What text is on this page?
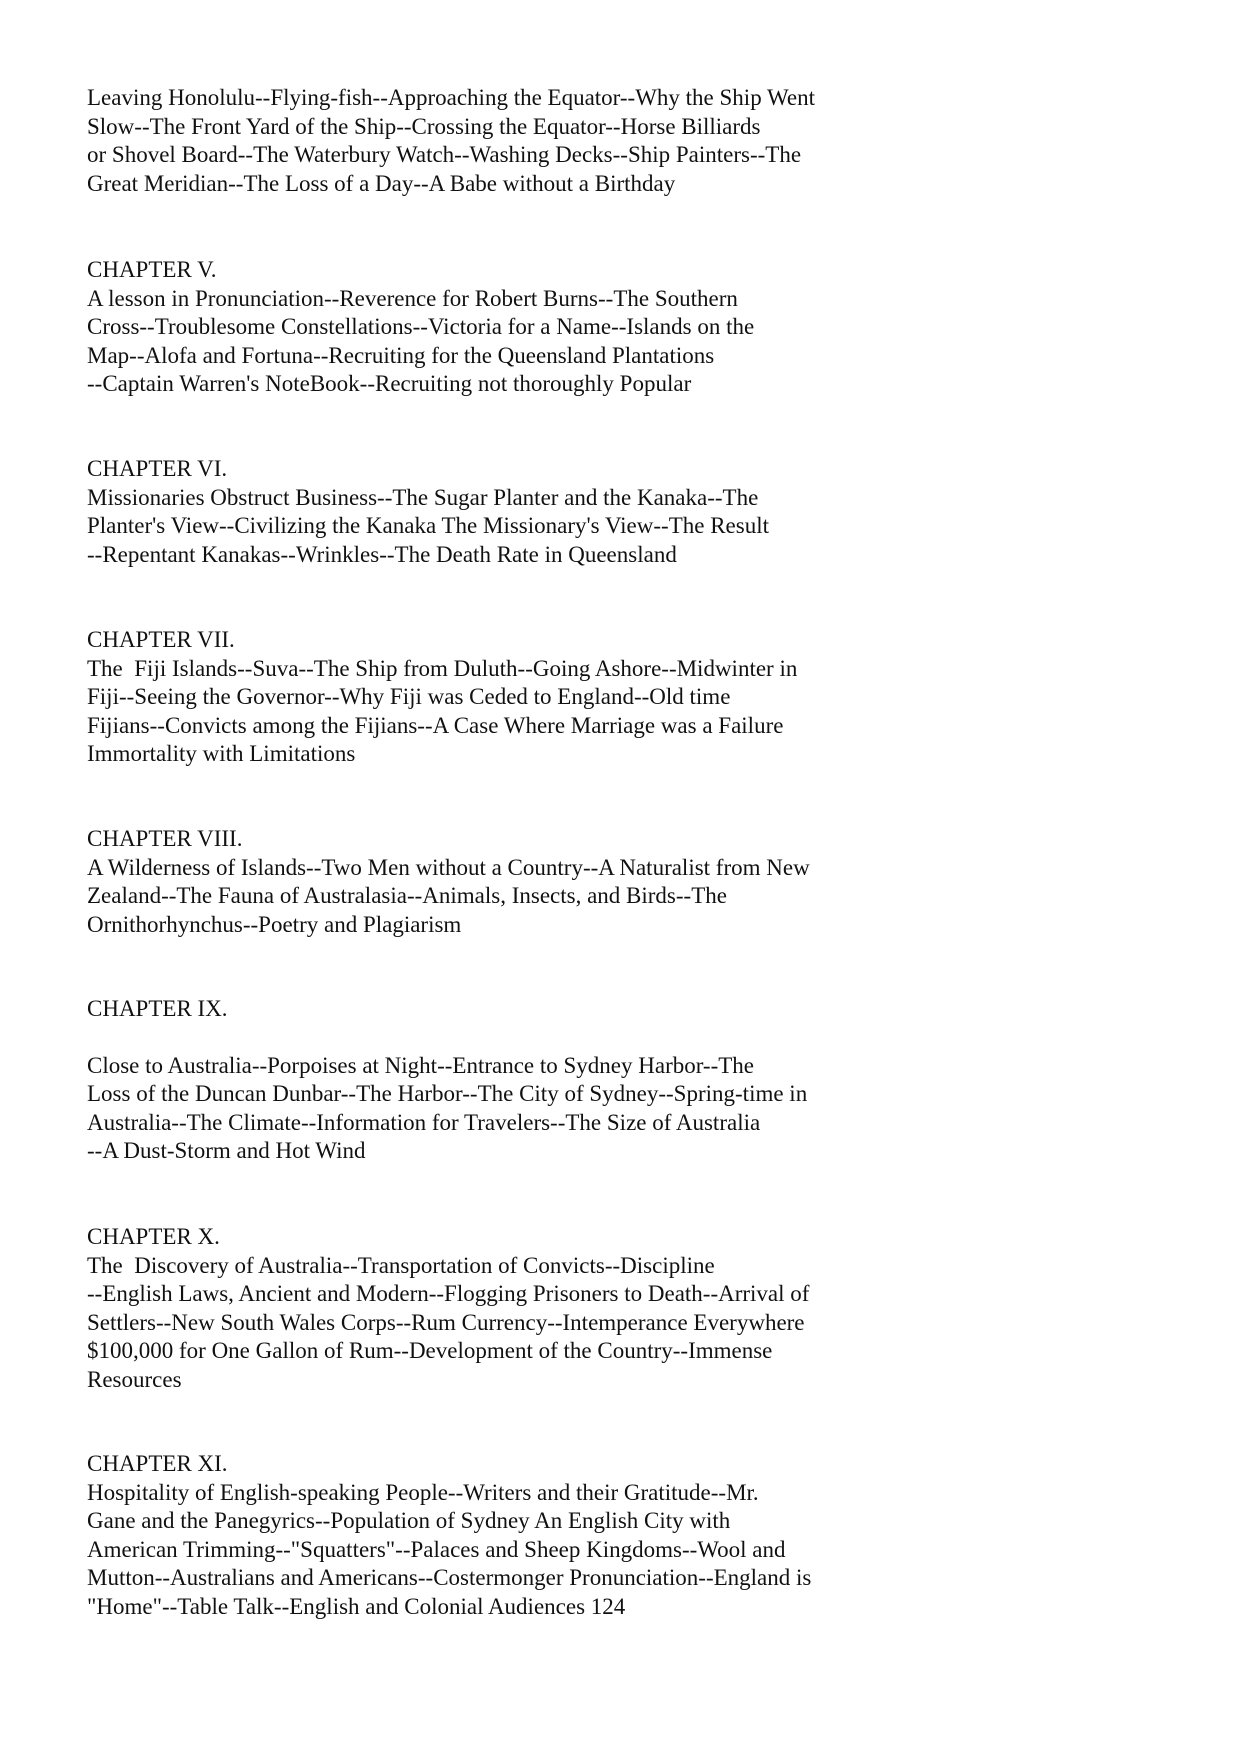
Leaving Honolulu--Flying-fish--Approaching the Equator--Why the Ship Went
Slow--The Front Yard of the Ship--Crossing the Equator--Horse Billiards
or Shovel Board--The Waterbury Watch--Washing Decks--Ship Painters--The
Great Meridian--The Loss of a Day--A Babe without a Birthday
CHAPTER V.
A lesson in Pronunciation--Reverence for Robert Burns--The Southern
Cross--Troublesome Constellations--Victoria for a Name--Islands on the
Map--Alofa and Fortuna--Recruiting for the Queensland Plantations
--Captain Warren's NoteBook--Recruiting not thoroughly Popular
CHAPTER VI.
Missionaries Obstruct Business--The Sugar Planter and the Kanaka--The
Planter's View--Civilizing the Kanaka The Missionary's View--The Result
--Repentant Kanakas--Wrinkles--The Death Rate in Queensland
CHAPTER VII.
The  Fiji Islands--Suva--The Ship from Duluth--Going Ashore--Midwinter in
Fiji--Seeing the Governor--Why Fiji was Ceded to England--Old time
Fijians--Convicts among the Fijians--A Case Where Marriage was a Failure
Immortality with Limitations
CHAPTER VIII.
A Wilderness of Islands--Two Men without a Country--A Naturalist from New
Zealand--The Fauna of Australasia--Animals, Insects, and Birds--The
Ornithorhynchus--Poetry and Plagiarism
CHAPTER IX.
Close to Australia--Porpoises at Night--Entrance to Sydney Harbor--The
Loss of the Duncan Dunbar--The Harbor--The City of Sydney--Spring-time in
Australia--The Climate--Information for Travelers--The Size of Australia
--A Dust-Storm and Hot Wind
CHAPTER X.
The  Discovery of Australia--Transportation of Convicts--Discipline
--English Laws, Ancient and Modern--Flogging Prisoners to Death--Arrival of
Settlers--New South Wales Corps--Rum Currency--Intemperance Everywhere
$100,000 for One Gallon of Rum--Development of the Country--Immense
Resources
CHAPTER XI.
Hospitality of English-speaking People--Writers and their Gratitude--Mr.
Gane and the Panegyrics--Population of Sydney An English City with
American Trimming--"Squatters"--Palaces and Sheep Kingdoms--Wool and
Mutton--Australians and Americans--Costermonger Pronunciation--England is
"Home"--Table Talk--English and Colonial Audiences 124
